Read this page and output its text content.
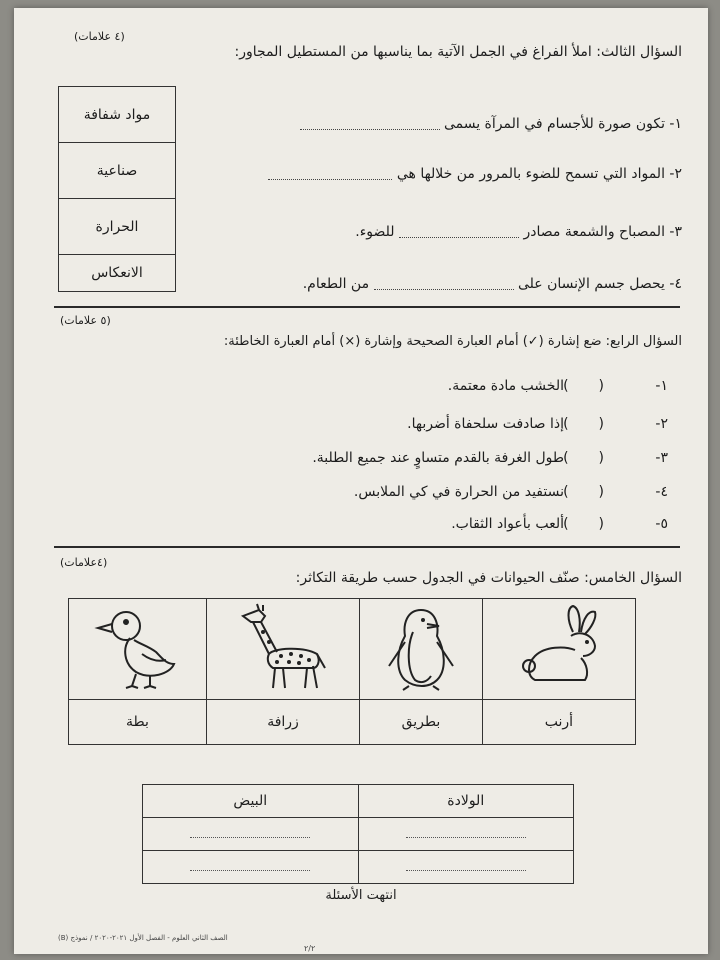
(٤ علامات)
السؤال الثالث: املأ الفراغ في الجمل الآتية بما يناسبها من المستطيل المجاور:
مواد شفافة
صناعية
الحرارة
الانعكاس
١- تكون صورة للأجسام في المرآة يسمى
٢- المواد التي تسمح للضوء بالمرور من خلالها هي
٣- المصباح والشمعة مصادر  للضوء.
٤- يحصل جسم الإنسان على  من الطعام.
(٥ علامات)
السؤال الرابع: ضع إشارة (✓) أمام العبارة الصحيحة وإشارة (×) أمام العبارة الخاطئة:
١-()الخشب مادة معتمة.
٢-()إذا صادفت سلحفاة أضربها.
٣-()طول الغرفة بالقدم متساوٍ عند جميع الطلبة.
٤-()نستفيد من الحرارة في كي الملابس.
٥-()ألعب بأعواد الثقاب.
(٤علامات)
السؤال الخامس: صنّف الحيوانات في الجدول حسب طريقة التكاثر:

بطة	زرافة	بطريق	أرنب
البيض	الولادة

انتهت الأسئلة
الصف الثاني العلوم - الفصل الأول ٢٠٢١-٢٠٢٠ / نموذج (B)
٢/٢
